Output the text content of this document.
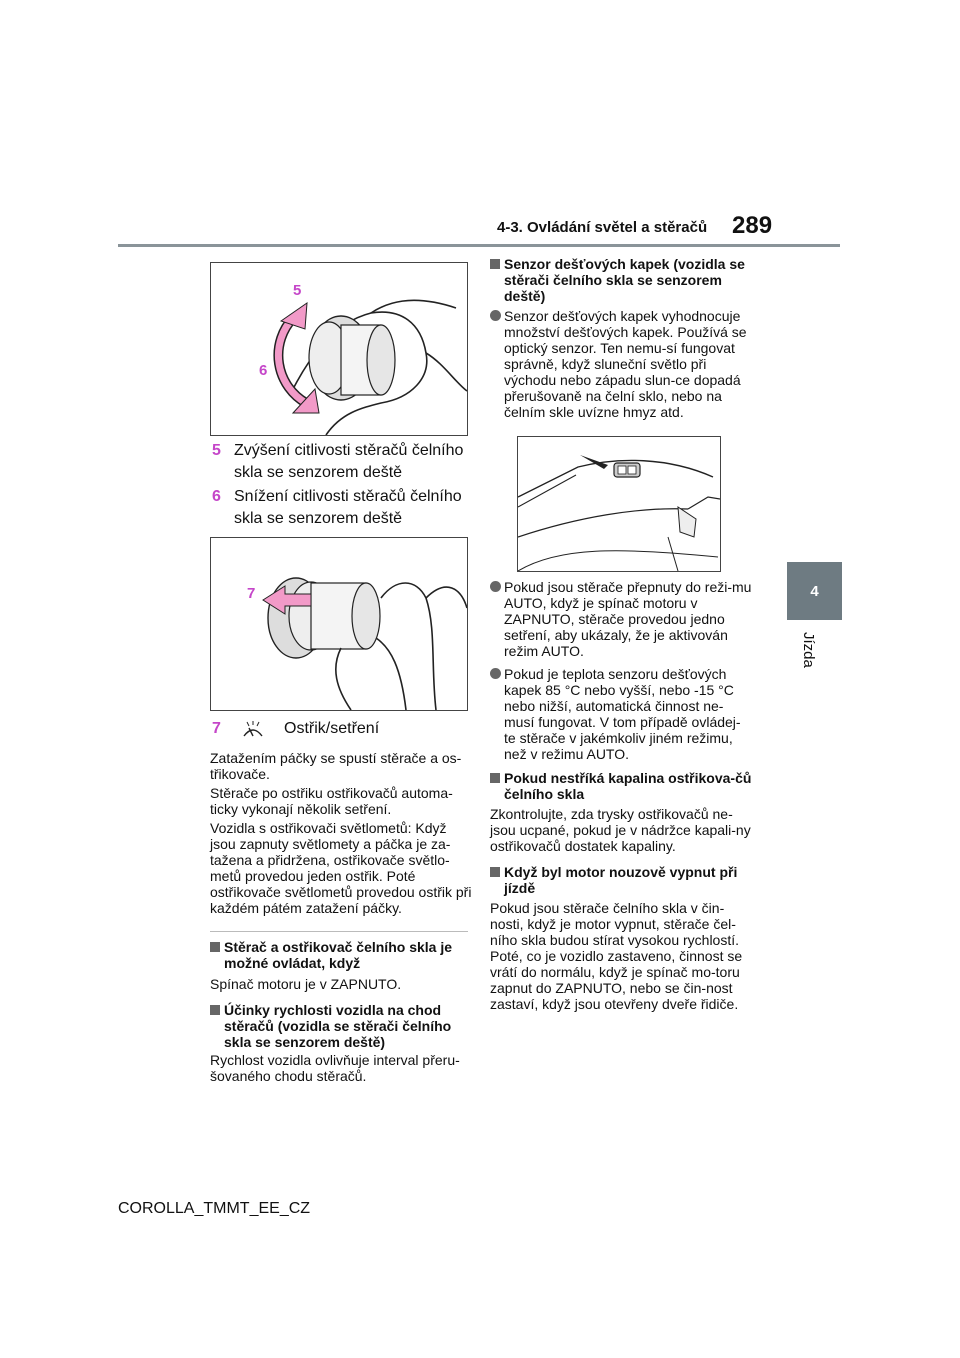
4-3. Ovládání světel a stěračů 289
4
Jízda
5
6
5 Zvýšení citlivosti stěračů čelního skla se senzorem deště
6 Snížení citlivosti stěračů čelního skla se senzorem deště
7
7	Ostřik/setření
Zatažením páčky se spustí stěrače a os-třikovače.
Stěrače po ostřiku ostřikovačů automa-ticky vykonají několik setření.
Vozidla s ostřikovači světlometů: Když jsou zapnuty světlomety a páčka je za-tažena a přidržena, ostřikovače světlo-metů provedou jeden ostřik. Poté ostřikovače světlometů provedou ostřik při každém pátém zatažení páčky.
Stěrač a ostřikovač čelního skla je možné ovládat, když
Spínač motoru je v ZAPNUTO.
Účinky rychlosti vozidla na chod stěračů (vozidla se stěrači čelního skla se senzorem deště)
Rychlost vozidla ovlivňuje interval přeru-šovaného chodu stěračů.
Senzor dešťových kapek (vozidla se stěrači čelního skla se senzorem deště)
Senzor dešťových kapek vyhodnocuje množství dešťových kapek. Používá se optický senzor. Ten nemu-sí fungovat správně, když sluneční světlo při východu nebo západu slun-ce dopadá přerušovaně na čelní sklo, nebo na čelním skle uvízne hmyz atd.
Pokud jsou stěrače přepnuty do reži-mu AUTO, když je spínač motoru v ZAPNUTO, stěrače provedou jedno setření, aby ukázaly, že je aktivován režim AUTO.
Pokud je teplota senzoru dešťových kapek 85 °C nebo vyšší, nebo -15 °C nebo nižší, automatická činnost ne-musí fungovat. V tom případě ovládej-te stěrače v jakémkoliv jiném režimu, než v režimu AUTO.
Pokud nestříká kapalina ostřikova-čů čelního skla
Zkontrolujte, zda trysky ostřikovačů ne-jsou ucpané, pokud je v nádržce kapali-ny ostřikovačů dostatek kapaliny.
Když byl motor nouzově vypnut při jízdě
Pokud jsou stěrače čelního skla v čin-nosti, když je motor vypnut, stěrače čel-ního skla budou stírat vysokou rychlostí. Poté, co je vozidlo zastaveno, činnost se vrátí do normálu, když je spínač mo-toru zapnut do ZAPNUTO, nebo se čin-nost zastaví, když jsou otevřeny dveře řidiče.
COROLLA_TMMT_EE_CZ
